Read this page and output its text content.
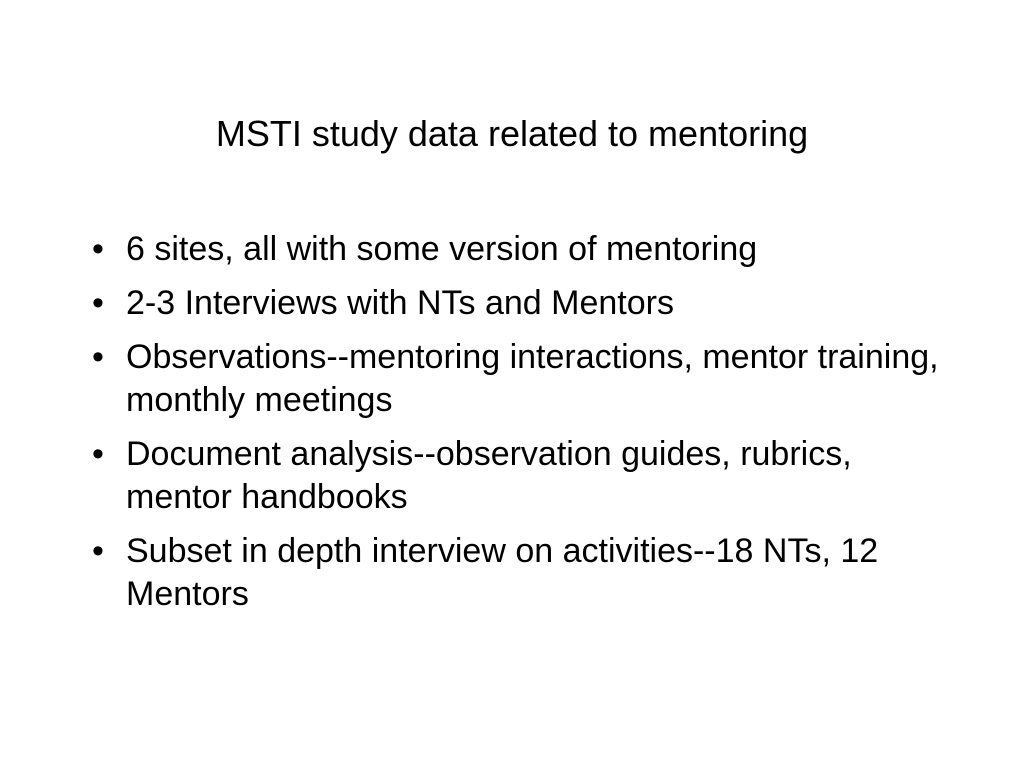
MSTI study data related to mentoring
• 6 sites, all with some version of mentoring
• 2-3 Interviews with NTs and Mentors
• Observations--mentoring interactions, mentor training, monthly meetings
• Document analysis--observation guides, rubrics, mentor handbooks
• Subset in depth interview on activities--18 NTs, 12 Mentors
